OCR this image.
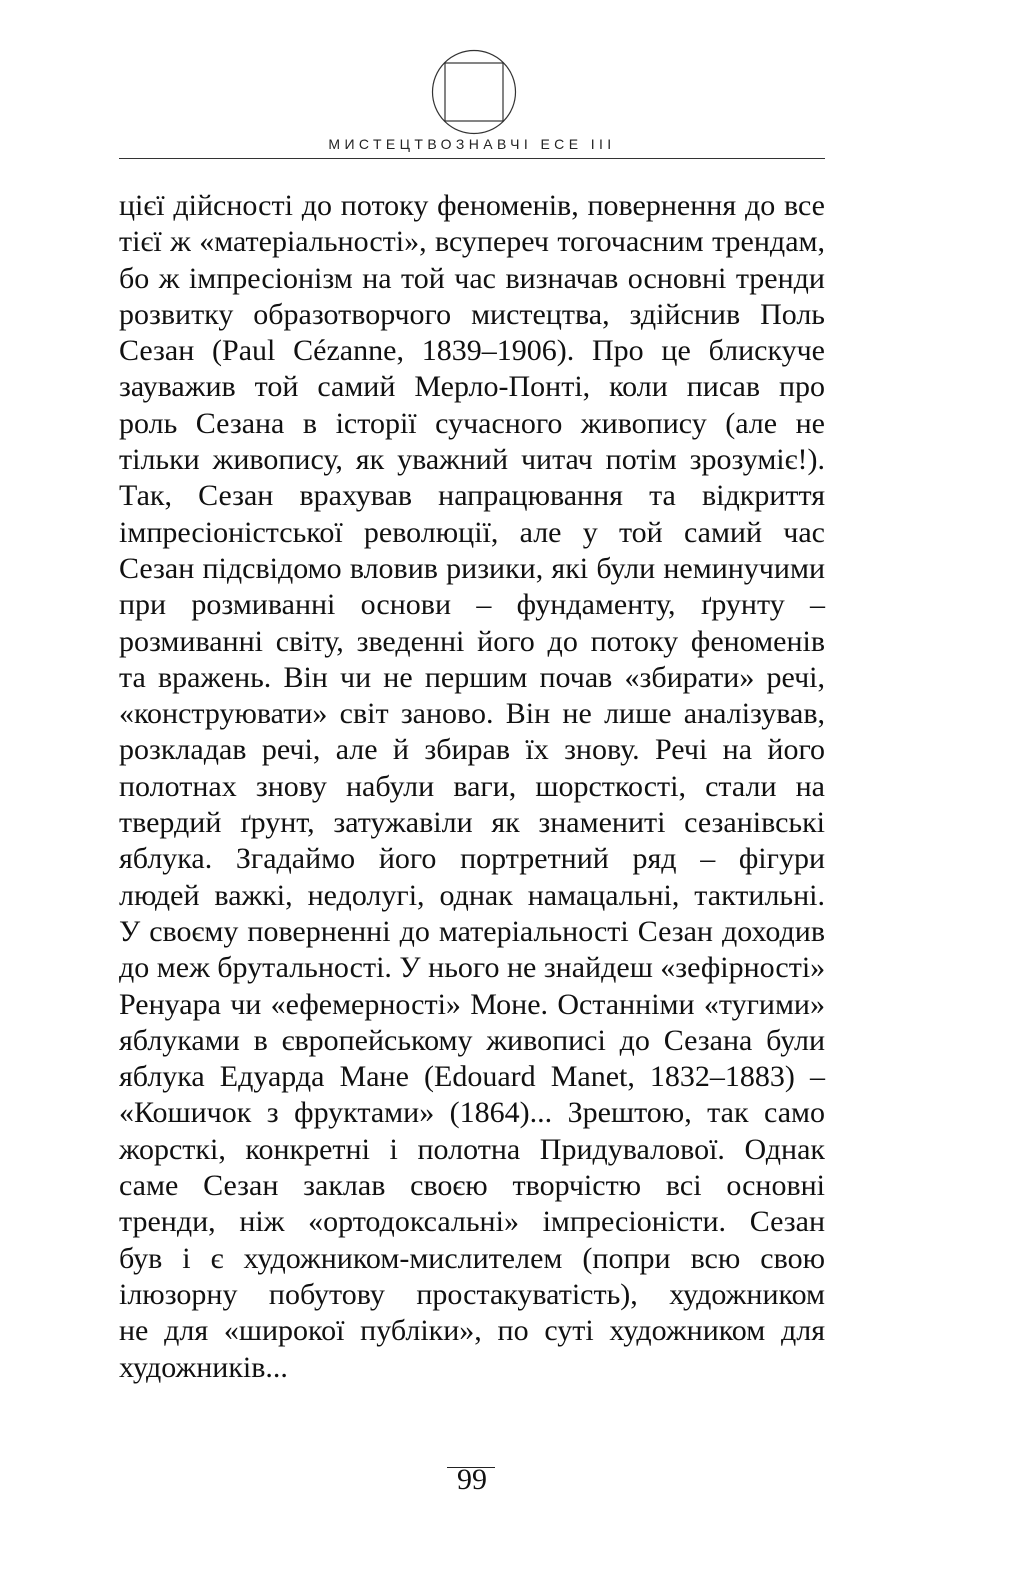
МИСТЕЦТВОЗНАВЧІ ЕСЕ ІІІ
цієї дійсності до потоку феноменів, повернення до все
тієї ж «матеріальності», всупереч тогочасним трендам,
бо ж імпресіонізм на той час визначав основні тренди
розвитку образотворчого мистецтва, здійснив Поль
Сезан (Paul Cézanne, 1839–1906). Про це блискуче
зауважив той самий Мерло-Понті, коли писав про
роль Сезана в історії сучасного живопису (але не
тільки живопису, як уважний читач потім зрозуміє!).
Так, Сезан врахував напрацювання та відкриття
імпресіоністської революції, але у той самий час
Сезан підсвідомо вловив ризики, які були неминучими
при розмиванні основи – фундаменту, ґрунту –
розмиванні світу, зведенні його до потоку феноменів
та вражень. Він чи не першим почав «збирати» речі,
«конструювати» світ заново. Він не лише аналізував,
розкладав речі, але й збирав їх знову. Речі на його
полотнах знову набули ваги, шорсткості, стали на
твердий ґрунт, затужавіли як знамениті сезанівські
яблука. Згадаймо його портретний ряд – фігури
людей важкі, недолугі, однак намацальні, тактильні.
У своєму поверненні до матеріальності Сезан доходив
до меж брутальності. У нього не знайдеш «зефірності»
Ренуара чи «ефемерності» Моне. Останніми «тугими»
яблуками в європейському живописі до Сезана були
яблука Едуарда Мане (Edouard Manet, 1832–1883) –
«Кошичок з фруктами» (1864)... Зрештою, так само
жорсткі, конкретні і полотна Придувалової. Однак
саме Сезан заклав своєю творчістю всі основні
тренди, ніж «ортодоксальні» імпресіоністи. Сезан
був і є художником-мислителем (попри всю свою
ілюзорну побутову простакуватість), художником
не для «широкої публіки», по суті художником для
художників...
99
